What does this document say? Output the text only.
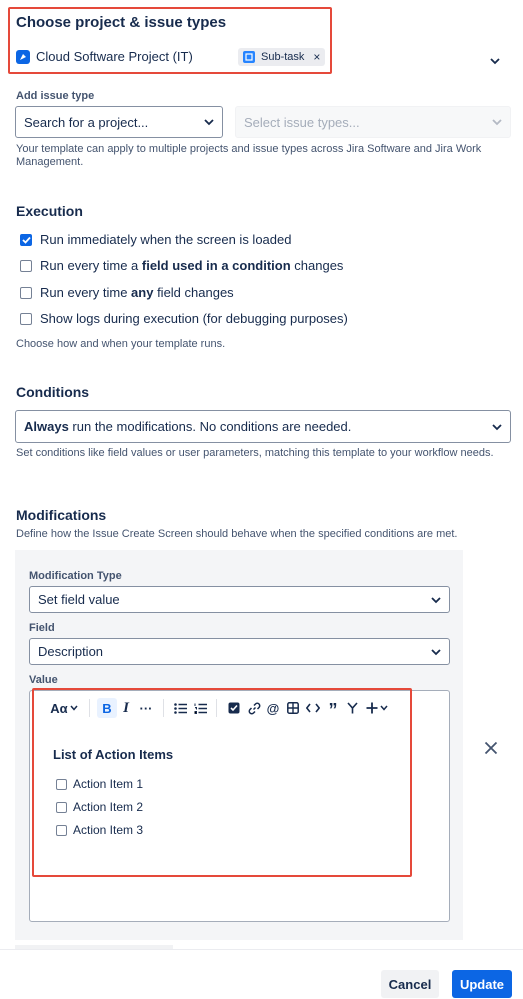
Choose project & issue types
Cloud Software Project (IT)	Sub-task ×
Add issue type
Search for a project...	Select issue types...
Your template can apply to multiple projects and issue types across Jira Software and Jira Work Management.
Execution
Run immediately when the screen is loaded
Run every time a field used in a condition changes
Run every time any field changes
Show logs during execution (for debugging purposes)
Choose how and when your template runs.
Conditions
Always run the modifications. No conditions are needed.
Set conditions like field values or user parameters, matching this template to your workflow needs.
Modifications
Define how the Issue Create Screen should behave when the specified conditions are met.
Modification Type
Set field value
Field
Description
Value
Aα	B I ···	@	”
List of Action Items
Action Item 1
Action Item 2
Action Item 3
Cancel	Update
